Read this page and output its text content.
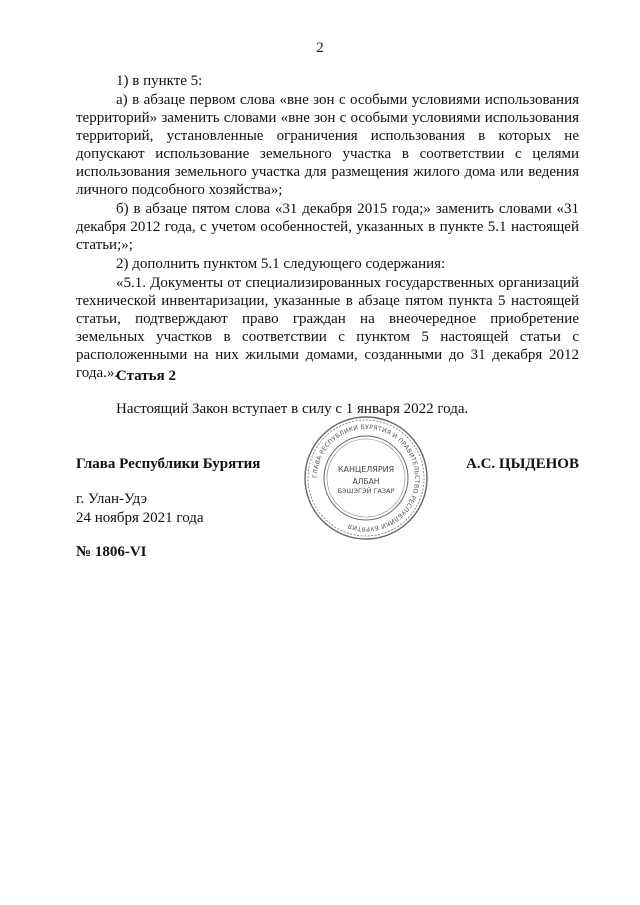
2

1) в пункте 5:

а) в абзаце первом слова «вне зон с особыми условиями использования территорий» заменить словами «вне зон с особыми условиями использования территорий, установленные ограничения использования в которых не допускают использование земельного участка в соответствии с целями использования земельного участка для размещения жилого дома или ведения личного подсобного хозяйства»;

б) в абзаце пятом слова «31 декабря 2015 года;» заменить словами «31 декабря 2012 года, с учетом особенностей, указанных в пункте 5.1 настоящей статьи;»;

2) дополнить пунктом 5.1 следующего содержания:

«5.1. Документы от специализированных государственных организаций технической инвентаризации, указанные в абзаце пятом пункта 5 настоящей статьи, подтверждают право граждан на внеочередное приобретение земельных участков в соответствии с пунктом 5 настоящей статьи с расположенными на них жилыми домами, созданными до 31 декабря 2012 года.».

Статья 2
Настоящий Закон вступает в силу с 1 января 2022 года.
Глава Республики Бурятия
ГЛАВА РЕСПУБЛИКИ БУРЯТИЯ И ПРАВИТЕЛЬСТВО РЕСПУБЛИКИ БУРЯТИЯ
КАНЦЕЛЯРИЯ
АЛБАН
БЭШЭГЭЙ ГАЗАР
А.С. ЦЫДЕНОВ
г. Улан-Удэ
24 ноября 2021 года
№ 1806-VI
